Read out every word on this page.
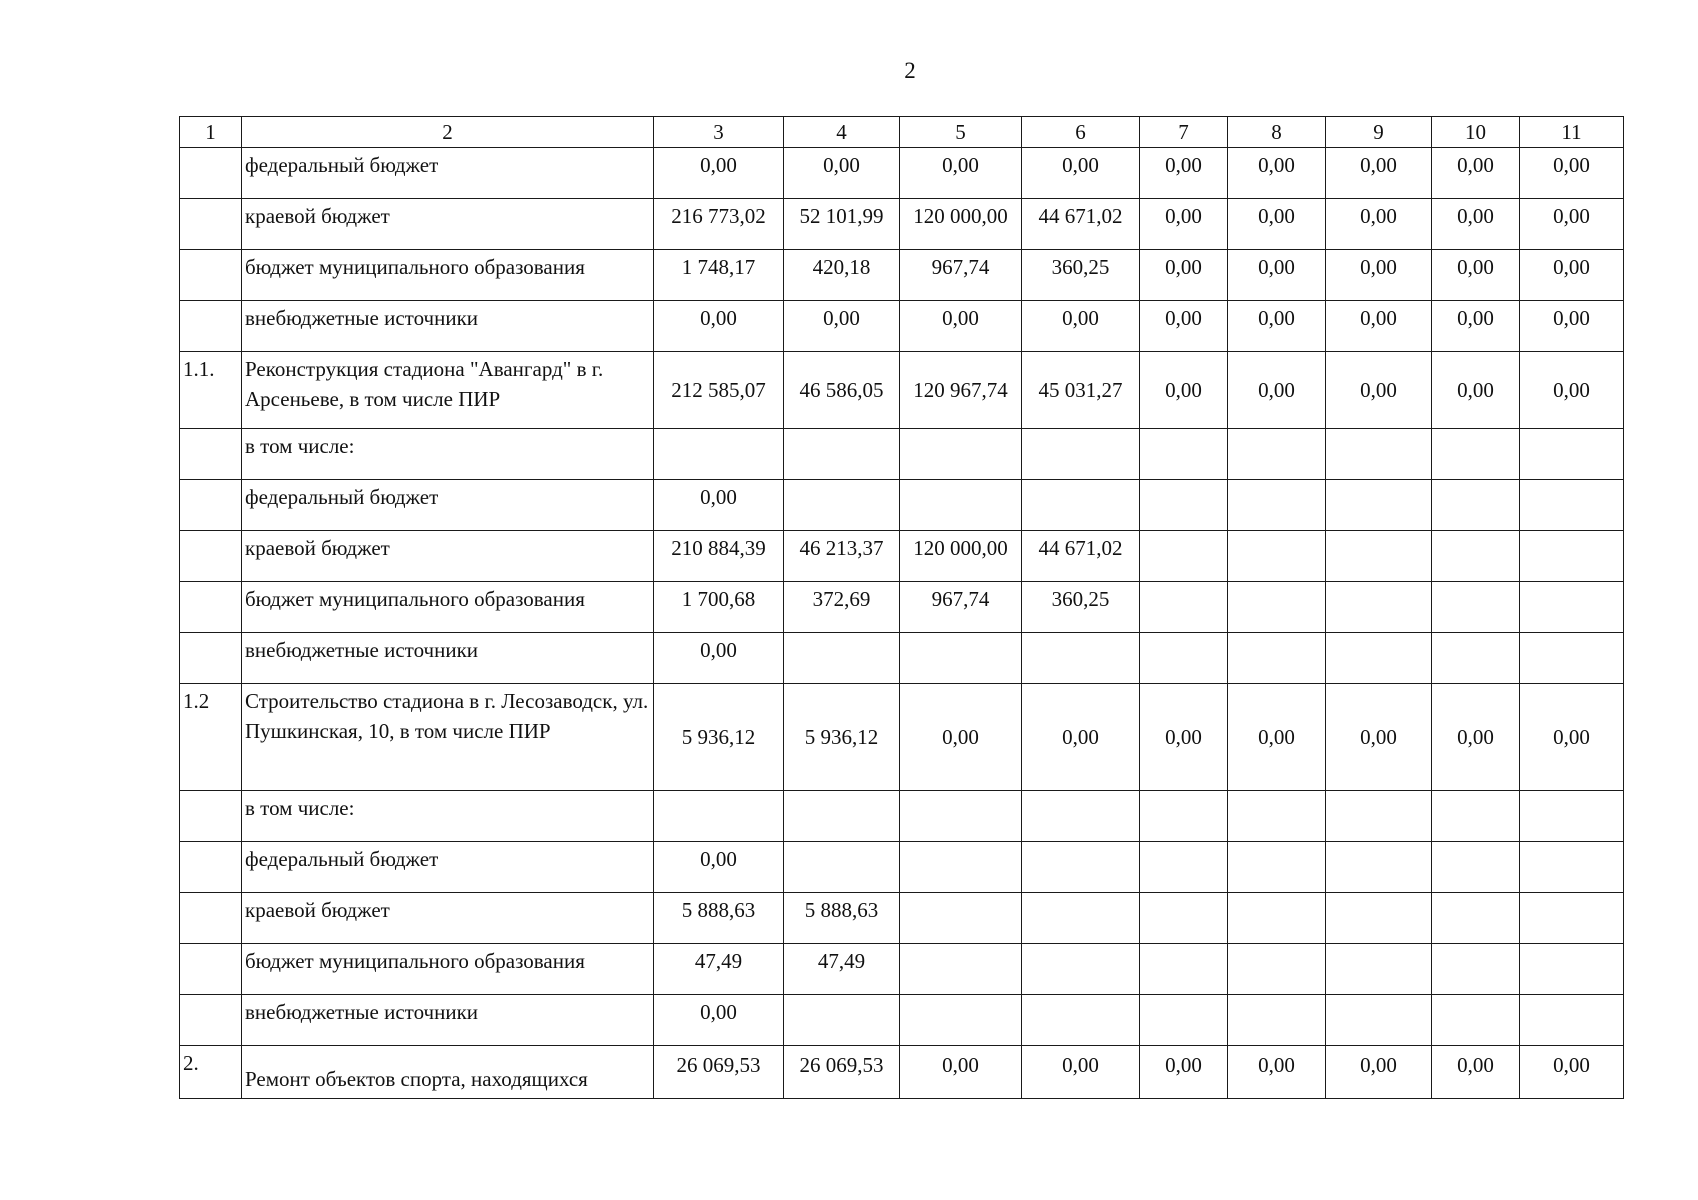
2
1	2	3	4	5	6	7	8	9	10	11
	федеральный бюджет	0,00	0,00	0,00	0,00	0,00	0,00	0,00	0,00	0,00
	краевой бюджет	216 773,02	52 101,99	120 000,00	44 671,02	0,00	0,00	0,00	0,00	0,00
	бюджет муниципального образования	1 748,17	420,18	967,74	360,25	0,00	0,00	0,00	0,00	0,00
	внебюджетные источники	0,00	0,00	0,00	0,00	0,00	0,00	0,00	0,00	0,00
1.1.	Реконструкция стадиона "Авангард" в г. Арсеньеве, в том числе ПИР	212 585,07	46 586,05	120 967,74	45 031,27	0,00	0,00	0,00	0,00	0,00
	в том числе:									
	федеральный бюджет	0,00								
	краевой бюджет	210 884,39	46 213,37	120 000,00	44 671,02					
	бюджет муниципального образования	1 700,68	372,69	967,74	360,25					
	внебюджетные источники	0,00								
1.2	Строительство стадиона в г. Лесозаводск, ул. Пушкинская, 10, в том числе ПИР	5 936,12	5 936,12	0,00	0,00	0,00	0,00	0,00	0,00	0,00
	в том числе:									
	федеральный бюджет	0,00								
	краевой бюджет	5 888,63	5 888,63							
	бюджет муниципального образования	47,49	47,49							
	внебюджетные источники	0,00								
2.	Ремонт объектов спорта, находящихся	26 069,53	26 069,53	0,00	0,00	0,00	0,00	0,00	0,00	0,00
